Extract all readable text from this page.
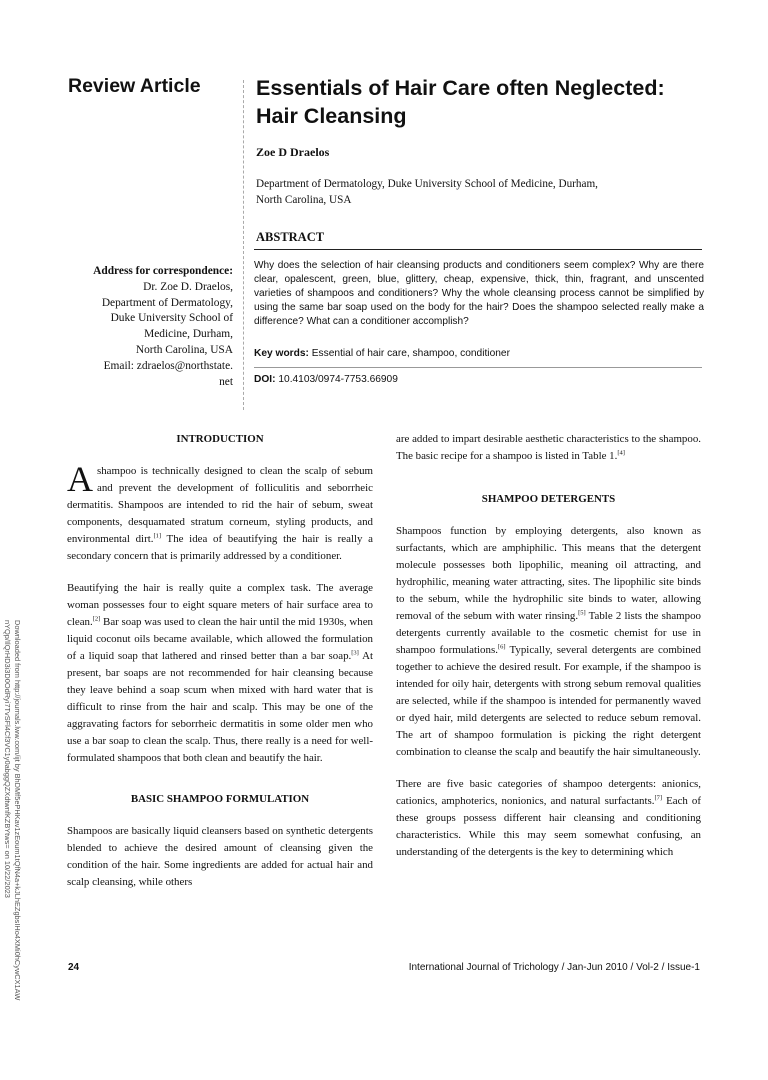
Review Article	Essentials of Hair Care often Neglected:
Hair Cleansing
Zoe D Draelos
Department of Dermatology, Duke University School of Medicine, Durham,
North Carolina, USA
ABSTRACT
Why does the selection of hair cleansing products and conditioners seem complex? Why are there clear, opalescent, green, blue, glittery, cheap, expensive, thick, thin, fragrant, and unscented varieties of shampoos and conditioners? Why the whole cleansing process cannot be simplified by using the same bar soap used on the body for the hair? Does the shampoo selected really make a difference? What can a conditioner accomplish?
Key words: Essential of hair care, shampoo, conditioner
DOI: 10.4103/0974-7753.66909
Address for correspondence:
Dr. Zoe D. Draelos,
Department of Dermatology,
Duke University School of
Medicine, Durham,
North Carolina, USA
Email: zdraelos@northstate.
net
Downloaded from http://journals.lww.com/ijt by BhDMf5ePHKav1zEoum1tQfN4a+kJLhEZgbsIHo4XMi0hCywCX1AW
nYQp/IlQrHD3i3D0OdRyi7TvSFl4Cf3VC1y0abggQZXdtwnfKZBYtws= on 10/22/2023
INTRODUCTION

Ashampoo is technically designed to clean the scalp of sebum and prevent the development of folliculitis and seborrheic dermatitis. Shampoos are intended to rid the hair of sebum, sweat components, desquamated stratum corneum, styling products, and environmental dirt.[1] The idea of beautifying the hair is really a secondary concern that is primarily addressed by a conditioner.

Beautifying the hair is really quite a complex task. The average woman possesses four to eight square meters of hair surface area to clean.[2] Bar soap was used to clean the hair until the mid 1930s, when liquid coconut oils became available, which allowed the formulation of a liquid soap that lathered and rinsed better than a bar soap.[3] At present, bar soaps are not recommended for hair cleansing because they leave behind a soap scum when mixed with hard water that is difficult to rinse from the hair and scalp. This may be one of the aggravating factors for seborrheic dermatitis in some older men who use a bar soap to clean the scalp. Thus, there really is a need for well-formulated shampoos that both clean and beautify the hair.

BASIC SHAMPOO FORMULATION

Shampoos are basically liquid cleansers based on synthetic detergents blended to achieve the desired amount of cleansing given the condition of the hair. Some ingredients are added for actual hair and scalp cleansing, while others

are added to impart desirable aesthetic characteristics to the shampoo. The basic recipe for a shampoo is listed in Table 1.[4]

SHAMPOO DETERGENTS

Shampoos function by employing detergents, also known as surfactants, which are amphiphilic. This means that the detergent molecule possesses both lipophilic, meaning oil attracting, and hydrophilic, meaning water attracting, sites. The lipophilic site binds to the sebum, while the hydrophilic site binds to water, allowing removal of the sebum with water rinsing.[5] Table 2 lists the shampoo detergents currently available to the cosmetic chemist for use in shampoo formulations.[6] Typically, several detergents are combined together to achieve the desired result. For example, if the shampoo is intended for oily hair, detergents with strong sebum removal qualities are selected, while if the shampoo is intended for permanently waved or dyed hair, mild detergents are selected to reduce sebum removal. The art of shampoo formulation is picking the right detergent combination to cleanse the scalp and beautify the hair simultaneously.

There are five basic categories of shampoo detergents: anionics, cationics, amphoterics, nonionics, and natural surfactants.[7] Each of these groups possess different hair cleansing and conditioning characteristics. While this may seem somewhat confusing, an understanding of the detergents is the key to determining which

24	International Journal of Trichology / Jan-Jun 2010 / Vol-2 / Issue-1
